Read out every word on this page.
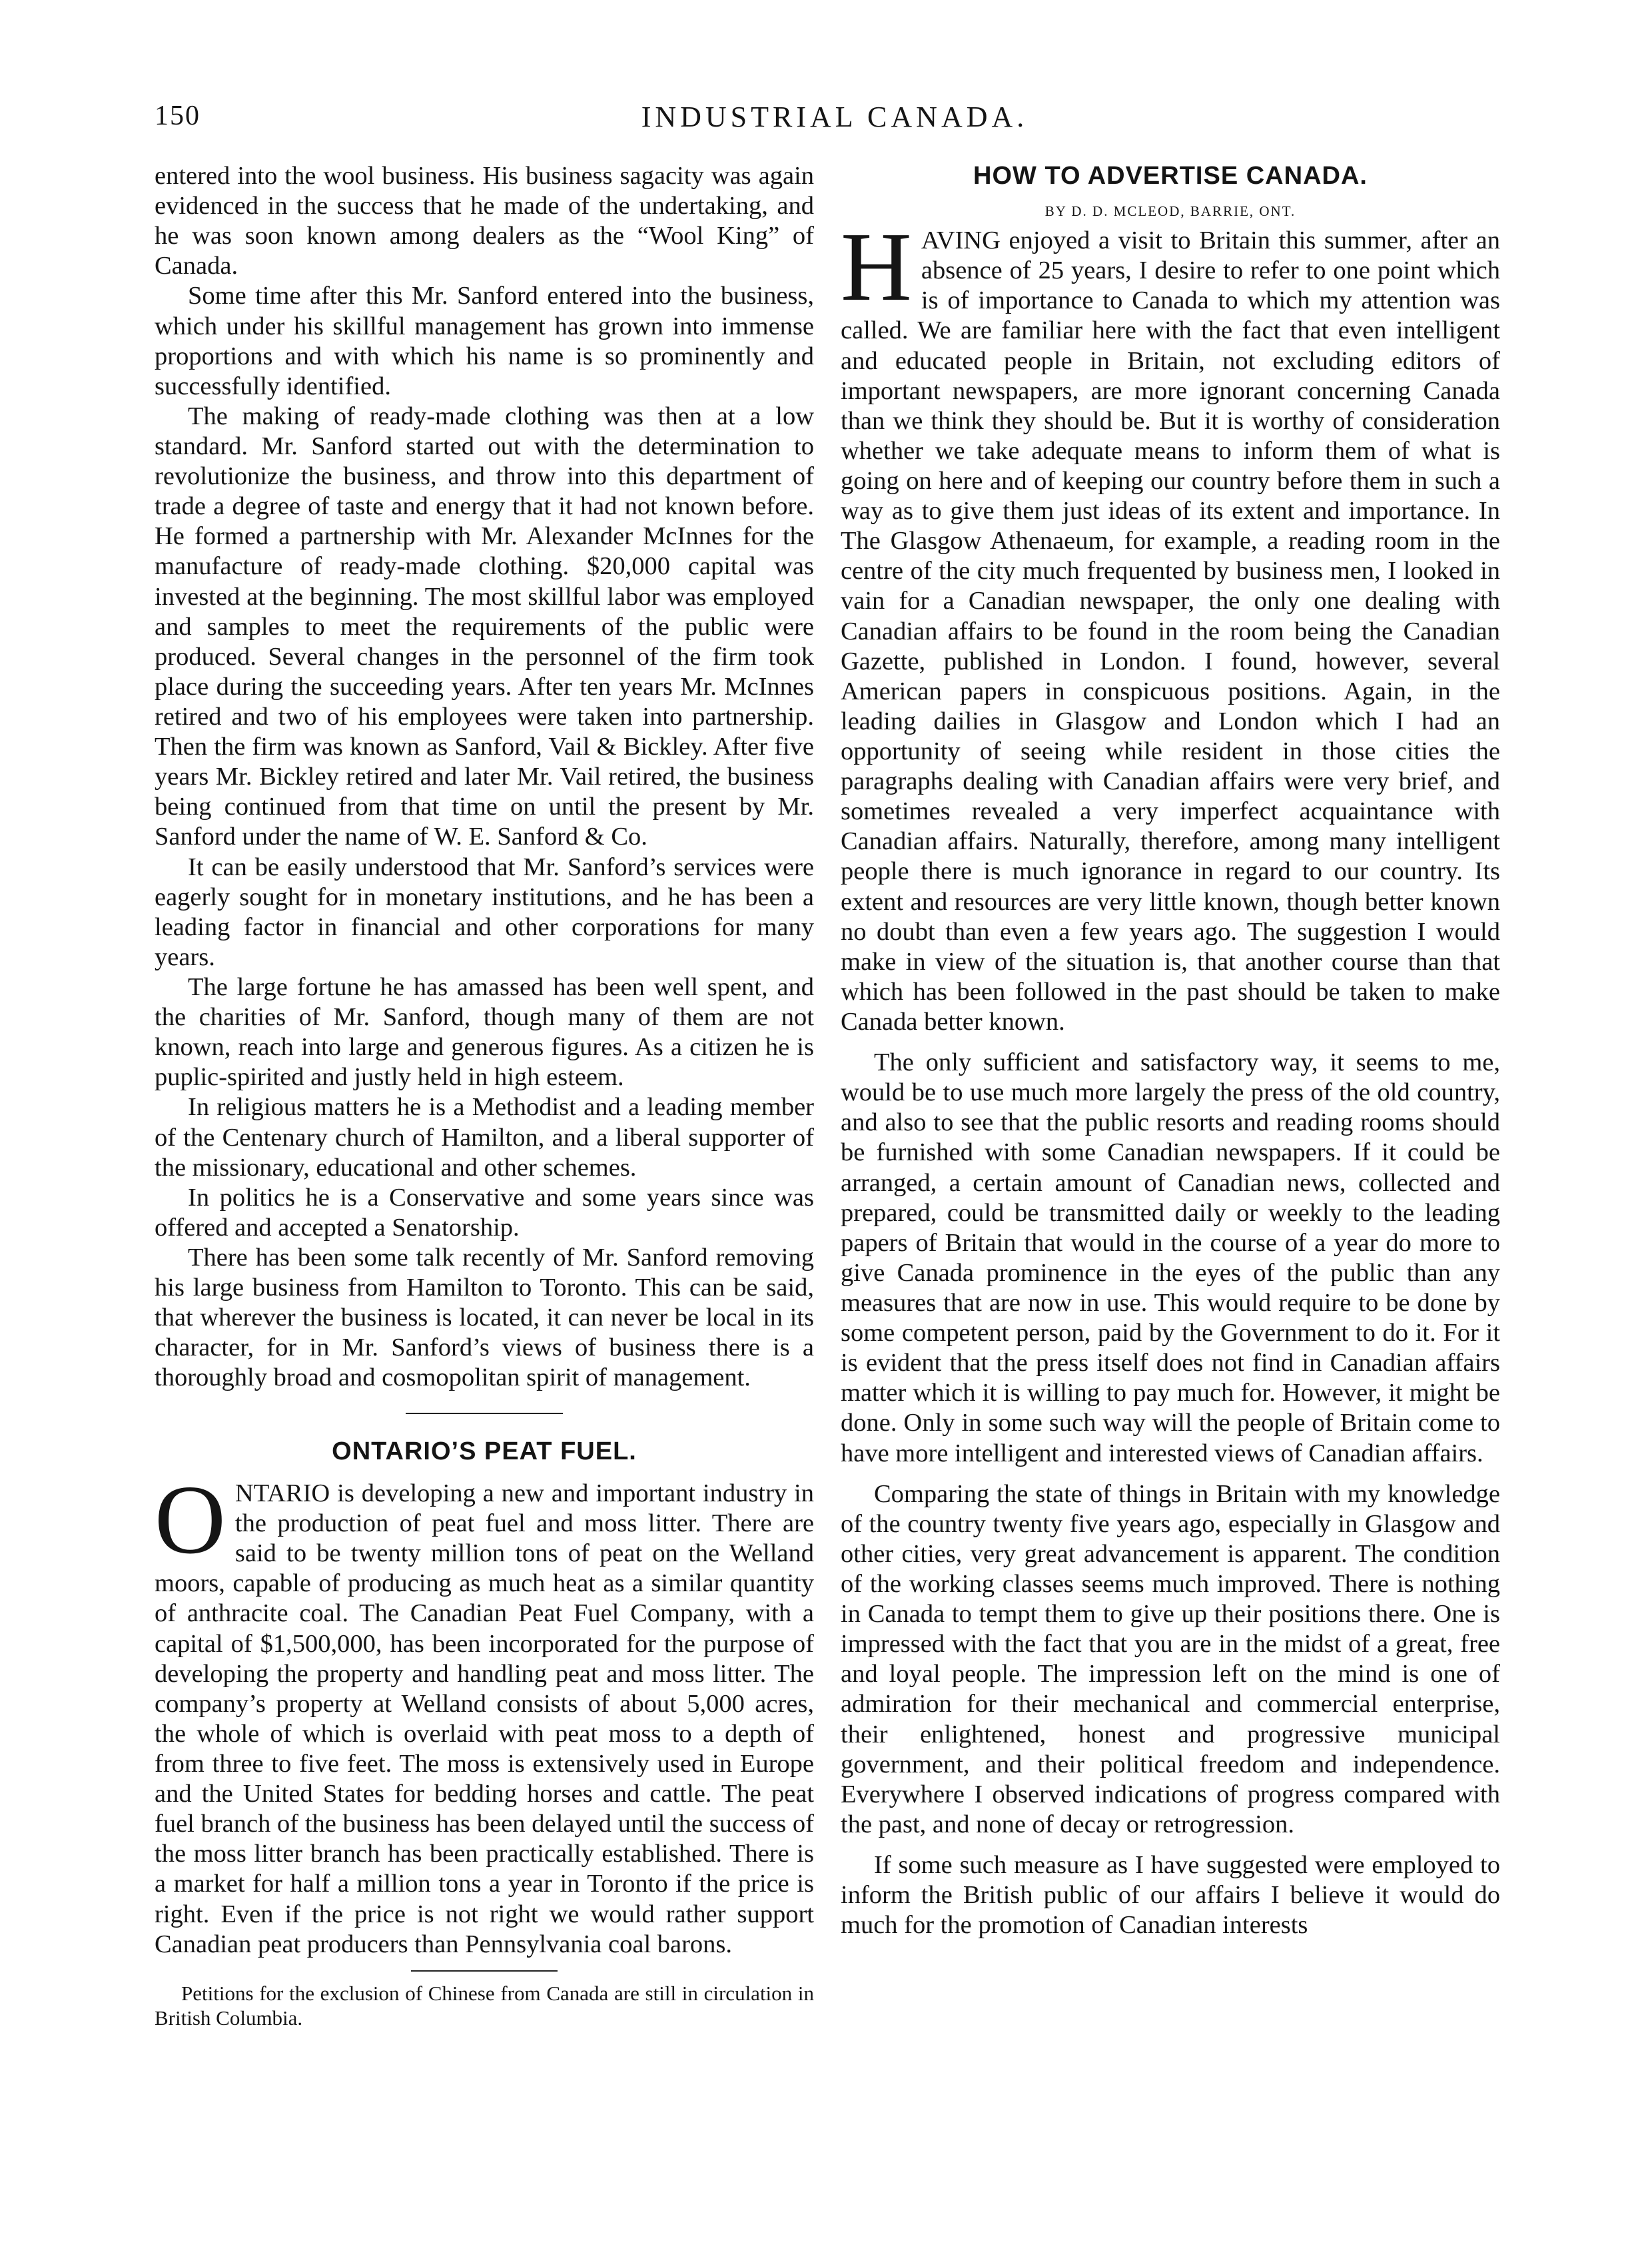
150	INDUSTRIAL CANADA.

entered into the wool business. His business sagacity was again evidenced in the success that he made of the undertaking, and he was soon known among dealers as the “Wool King” of Canada.

Some time after this Mr. Sanford entered into the business, which under his skillful management has grown into immense proportions and with which his name is so prominently and successfully identified.

The making of ready-made clothing was then at a low standard. Mr. Sanford started out with the determination to revolutionize the business, and throw into this department of trade a degree of taste and energy that it had not known before. He formed a partnership with Mr. Alexander McInnes for the manufacture of ready-made clothing. $20,000 capital was invested at the beginning. The most skillful labor was employed and samples to meet the requirements of the public were produced. Several changes in the personnel of the firm took place during the succeeding years. After ten years Mr. McInnes retired and two of his employees were taken into partnership. Then the firm was known as Sanford, Vail & Bickley. After five years Mr. Bickley retired and later Mr. Vail retired, the business being continued from that time on until the present by Mr. Sanford under the name of W. E. Sanford & Co.

It can be easily understood that Mr. Sanford’s services were eagerly sought for in monetary institutions, and he has been a leading factor in financial and other corporations for many years.

The large fortune he has amassed has been well spent, and the charities of Mr. Sanford, though many of them are not known, reach into large and generous figures. As a citizen he is puplic-spirited and justly held in high esteem.

In religious matters he is a Methodist and a leading member of the Centenary church of Hamilton, and a liberal supporter of the missionary, educational and other schemes.

In politics he is a Conservative and some years since was offered and accepted a Senatorship.

There has been some talk recently of Mr. Sanford removing his large business from Hamilton to Toronto. This can be said, that wherever the business is located, it can never be local in its character, for in Mr. Sanford’s views of business there is a thoroughly broad and cosmopolitan spirit of management.

ONTARIO’S PEAT FUEL.

ONTARIO is developing a new and important industry in the production of peat fuel and moss litter. There are said to be twenty million tons of peat on the Welland moors, capable of producing as much heat as a similar quantity of anthracite coal. The Canadian Peat Fuel Company, with a capital of $1,500,000, has been incorporated for the purpose of developing the property and handling peat and moss litter. The company’s property at Welland consists of about 5,000 acres, the whole of which is overlaid with peat moss to a depth of from three to five feet. The moss is extensively used in Europe and the United States for bedding horses and cattle. The peat fuel branch of the business has been delayed until the success of the moss litter branch has been practically established. There is a market for half a million tons a year in Toronto if the price is right. Even if the price is not right we would rather support Canadian peat producers than Pennsylvania coal barons.

Petitions for the exclusion of Chinese from Canada are still in circulation in British Columbia.

HOW TO ADVERTISE CANADA.
BY D. D. MCLEOD, BARRIE, ONT.

HAVING enjoyed a visit to Britain this summer, after an absence of 25 years, I desire to refer to one point which is of importance to Canada to which my attention was called. We are familiar here with the fact that even intelligent and educated people in Britain, not excluding editors of important newspapers, are more ignorant concerning Canada than we think they should be. But it is worthy of consideration whether we take adequate means to inform them of what is going on here and of keeping our country before them in such a way as to give them just ideas of its extent and importance. In The Glasgow Athenaeum, for example, a reading room in the centre of the city much frequented by business men, I looked in vain for a Canadian newspaper, the only one dealing with Canadian affairs to be found in the room being the Canadian Gazette, published in London. I found, however, several American papers in conspicuous positions. Again, in the leading dailies in Glasgow and London which I had an opportunity of seeing while resident in those cities the paragraphs dealing with Canadian affairs were very brief, and sometimes revealed a very imperfect acquaintance with Canadian affairs. Naturally, therefore, among many intelligent people there is much ignorance in regard to our country. Its extent and resources are very little known, though better known no doubt than even a few years ago. The suggestion I would make in view of the situation is, that another course than that which has been followed in the past should be taken to make Canada better known.

The only sufficient and satisfactory way, it seems to me, would be to use much more largely the press of the old country, and also to see that the public resorts and reading rooms should be furnished with some Canadian newspapers. If it could be arranged, a certain amount of Canadian news, collected and prepared, could be transmitted daily or weekly to the leading papers of Britain that would in the course of a year do more to give Canada prominence in the eyes of the public than any measures that are now in use. This would require to be done by some competent person, paid by the Government to do it. For it is evident that the press itself does not find in Canadian affairs matter which it is willing to pay much for. However, it might be done. Only in some such way will the people of Britain come to have more intelligent and interested views of Canadian affairs.

Comparing the state of things in Britain with my knowledge of the country twenty five years ago, especially in Glasgow and other cities, very great advancement is apparent. The condition of the working classes seems much improved. There is nothing in Canada to tempt them to give up their positions there. One is impressed with the fact that you are in the midst of a great, free and loyal people. The impression left on the mind is one of admiration for their mechanical and commercial enterprise, their enlightened, honest and progressive municipal government, and their political freedom and independence. Everywhere I observed indications of progress compared with the past, and none of decay or retrogression.

If some such measure as I have suggested were employed to inform the British public of our affairs I believe it would do much for the promotion of Canadian interests
